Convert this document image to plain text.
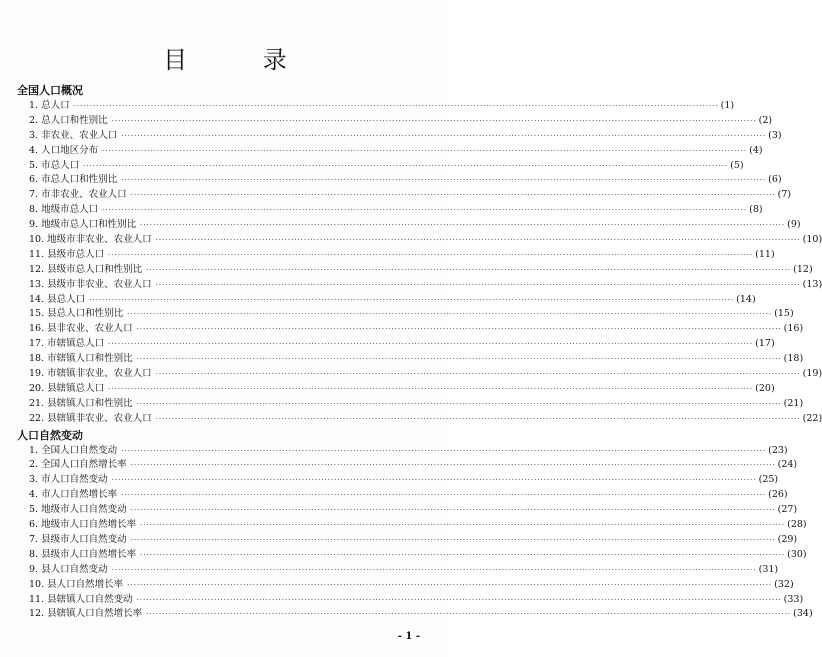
目 录
全国人口概况
1. 总人口 ········································································································································································································ (1)
2. 总人口和性别比 ········································································································································································································ (2)
3. 非农业、农业人口 ········································································································································································································ (3)
4. 人口地区分布 ········································································································································································································ (4)
5. 市总人口 ········································································································································································································ (5)
6. 市总人口和性别比 ········································································································································································································ (6)
7. 市非农业、农业人口 ········································································································································································································ (7)
8. 地级市总人口 ········································································································································································································ (8)
9. 地级市总人口和性别比 ········································································································································································································ (9)
10. 地级市非农业、农业人口 ········································································································································································································ (10)
11. 县级市总人口 ········································································································································································································ (11)
12. 县级市总人口和性别比 ········································································································································································································ (12)
13. 县级市非农业、农业人口 ········································································································································································································ (13)
14. 县总人口 ········································································································································································································ (14)
15. 县总人口和性别比 ········································································································································································································ (15)
16. 县非农业、农业人口 ········································································································································································································ (16)
17. 市辖镇总人口 ········································································································································································································ (17)
18. 市辖镇人口和性别比 ········································································································································································································ (18)
19. 市辖镇非农业、农业人口 ········································································································································································································ (19)
20. 县辖镇总人口 ········································································································································································································ (20)
21. 县辖镇人口和性别比 ········································································································································································································ (21)
22. 县辖镇非农业、农业人口 ········································································································································································································ (22)
人口自然变动
1. 全国人口自然变动 ········································································································································································································ (23)
2. 全国人口自然增长率 ········································································································································································································ (24)
3. 市人口自然变动 ········································································································································································································ (25)
4. 市人口自然增长率 ········································································································································································································ (26)
5. 地级市人口自然变动 ········································································································································································································ (27)
6. 地级市人口自然增长率 ········································································································································································································ (28)
7. 县级市人口自然变动 ········································································································································································································ (29)
8. 县级市人口自然增长率 ········································································································································································································ (30)
9. 县人口自然变动 ········································································································································································································ (31)
10. 县人口自然增长率 ········································································································································································································ (32)
11. 县辖镇人口自然变动 ········································································································································································································ (33)
12. 县辖镇人口自然增长率 ········································································································································································································ (34)
- 1 -
